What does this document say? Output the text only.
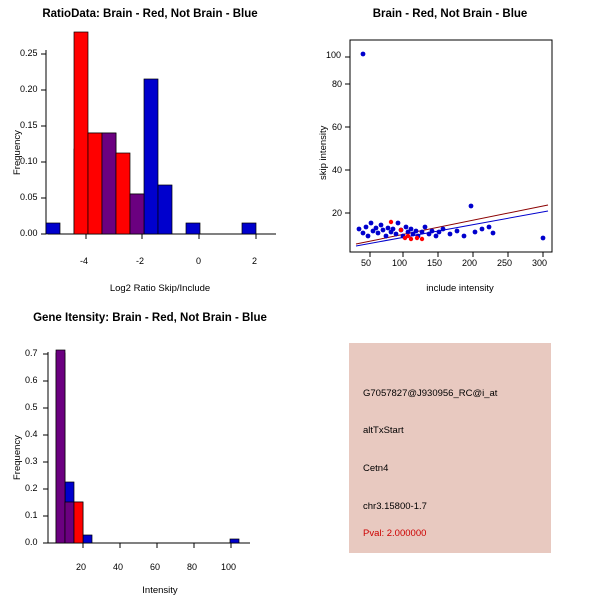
RatioData: Brain - Red, Not Brain - Blue
Frequency
Log2 Ratio Skip/Include
0.00
0.05
0.10
0.15
0.20
0.25
-4	-2	0	2
Brain - Red, Not Brain - Blue
skip intensity
include intensity
20
40
60
80
100
50 100 150 200 250 300
Gene Itensity: Brain - Red, Not Brain - Blue
Frequency
Intensity
0.0
0.1
0.2
0.3
0.4
0.5
0.6
0.7
20	40	60	80	100
G7057827@J930956_RC@i_at
altTxStart
Cetn4
chr3.15800-1.7
Pval: 2.000000
